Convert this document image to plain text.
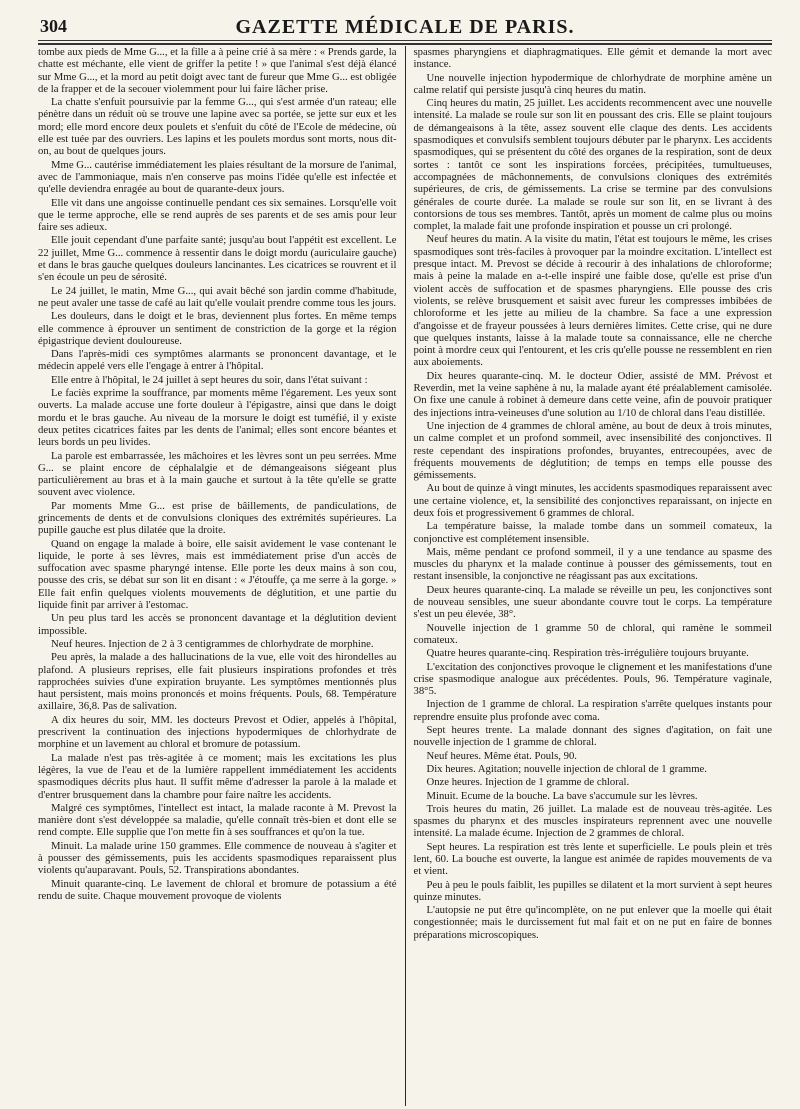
304	GAZETTE MÉDICALE DE PARIS.

tombe aux pieds de Mme G..., et la fille a à peine crié à sa mère : « Prends garde, la chatte est méchante, elle vient de griffer la petite ! » que l'animal s'est déjà élancé sur Mme G..., et la mord au petit doigt avec tant de fureur que Mme G... est obligée de la frapper et de la secouer violemment pour lui faire lâcher prise.

La chatte s'enfuit poursuivie par la femme G..., qui s'est armée d'un rateau; elle pénètre dans un réduit où se trouve une lapine avec sa portée, se jette sur eux et les mord; elle mord encore deux poulets et s'enfuit du côté de l'Ecole de médecine, où elle est tuée par des ouvriers. Les lapins et les poulets mordus sont morts, nous dit-on, au bout de quelques jours.

Mme G... cautérise immédiatement les plaies résultant de la morsure de l'animal, avec de l'ammoniaque, mais n'en conserve pas moins l'idée qu'elle est infectée et qu'elle deviendra enragée au bout de quarante-deux jours.

Elle vit dans une angoisse continuelle pendant ces six semaines. Lorsqu'elle voit que le terme approche, elle se rend auprès de ses parents et de ses amis pour leur faire ses adieux.

Elle jouit cependant d'une parfaite santé; jusqu'au bout l'appétit est excellent. Le 22 juillet, Mme G... commence à ressentir dans le doigt mordu (auriculaire gauche) et dans le bras gauche quelques douleurs lancinantes. Les cicatrices se rouvrent et il s'en écoule un peu de sérosité.

Le 24 juillet, le matin, Mme G..., qui avait bêché son jardin comme d'habitude, ne peut avaler une tasse de café au lait qu'elle voulait prendre comme tous les jours.

Les douleurs, dans le doigt et le bras, deviennent plus fortes. En même temps elle commence à éprouver un sentiment de constriction de la gorge et la région épigastrique devient douloureuse.

Dans l'après-midi ces symptômes alarmants se prononcent davantage, et le médecin appelé vers elle l'engage à entrer à l'hôpital.

Elle entre à l'hôpital, le 24 juillet à sept heures du soir, dans l'état suivant :

Le faciès exprime la souffrance, par moments même l'égarement. Les yeux sont ouverts. La malade accuse une forte douleur à l'épigastre, ainsi que dans le doigt mordu et le bras gauche. Au niveau de la morsure le doigt est tuméfié, il y existe deux petites cicatrices faites par les dents de l'animal; elles sont encore béantes et leurs bords un peu livides.

La parole est embarrassée, les mâchoires et les lèvres sont un peu serrées. Mme G... se plaint encore de céphalalgie et de démangeaisons siégeant plus particulièrement au bras et à la main gauche et surtout à la tête qu'elle se gratte souvent avec violence.

Par moments Mme G... est prise de bâillements, de pandiculations, de grincements de dents et de convulsions cloniques des extrémités supérieures. La pupille gauche est plus dilatée que la droite.

Quand on engage la malade à boire, elle saisit avidement le vase contenant le liquide, le porte à ses lèvres, mais est immédiatement prise d'un accès de suffocation avec spasme pharyngé intense. Elle porte les deux mains à son cou, pousse des cris, se débat sur son lit en disant : « J'étouffe, ça me serre à la gorge. » Elle fait enfin quelques violents mouvements de déglutition, et une partie du liquide finit par arriver à l'estomac.

Un peu plus tard les accès se prononcent davantage et la déglutition devient impossible.

Neuf heures. Injection de 2 à 3 centigrammes de chlorhydrate de morphine.

Peu après, la malade a des hallucinations de la vue, elle voit des hirondelles au plafond. A plusieurs reprises, elle fait plusieurs inspirations profondes et très rapprochées suivies d'une expiration bruyante. Les symptômes mentionnés plus haut persistent, mais moins prononcés et moins fréquents. Pouls, 68. Température axillaire, 36,8. Pas de salivation.

A dix heures du soir, MM. les docteurs Prevost et Odier, appelés à l'hôpital, prescrivent la continuation des injections hypodermiques de chlorhydrate de morphine et un lavement au chloral et bromure de potassium.

La malade n'est pas très-agitée à ce moment; mais les excitations les plus légères, la vue de l'eau et de la lumière rappellent immédiatement les accidents spasmodiques décrits plus haut. Il suffit même d'adresser la parole à la malade et d'entrer brusquement dans la chambre pour faire naître les accidents.

Malgré ces symptômes, l'intellect est intact, la malade raconte à M. Prevost la manière dont s'est développée sa maladie, qu'elle connaît très-bien et dont elle se rend compte. Elle supplie que l'on mette fin à ses souffrances et qu'on la tue.

Minuit. La malade urine 150 grammes. Elle commence de nouveau à s'agiter et à pousser des gémissements, puis les accidents spasmodiques reparaissent plus violents qu'auparavant. Pouls, 52. Transpirations abondantes.

Minuit quarante-cinq. Le lavement de chloral et bromure de potassium a été rendu de suite. Chaque mouvement provoque de violents

spasmes pharyngiens et diaphragmatiques. Elle gémit et demande la mort avec instance.

Une nouvelle injection hypodermique de chlorhydrate de morphine amène un calme relatif qui persiste jusqu'à cinq heures du matin.

Cinq heures du matin, 25 juillet. Les accidents recommencent avec une nouvelle intensité. La malade se roule sur son lit en poussant des cris. Elle se plaint toujours de démangeaisons à la tête, assez souvent elle claque des dents. Les accidents spasmodiques et convulsifs semblent toujours débuter par le pharynx. Les accidents spasmodiques, qui se présentent du côté des organes de la respiration, sont de deux sortes : tantôt ce sont les inspirations forcées, précipitées, tumultueuses, accompagnées de mâchonnements, de convulsions cloniques des extrémités supérieures, de cris, de gémissements. La crise se termine par des convulsions générales de courte durée. La malade se roule sur son lit, en se livrant à des contorsions de tous ses membres. Tantôt, après un moment de calme plus ou moins complet, la malade fait une profonde inspiration et pousse un cri prolongé.

Neuf heures du matin. A la visite du matin, l'état est toujours le même, les crises spasmodiques sont très-faciles à provoquer par la moindre excitation. L'intellect est presque intact. M. Prevost se décide à recourir à des inhalations de chloroforme; mais à peine la malade en a-t-elle inspiré une faible dose, qu'elle est prise d'un violent accès de suffocation et de spasmes pharyngiens. Elle pousse des cris violents, se relève brusquement et saisit avec fureur les compresses imbibées de chloroforme et les jette au milieu de la chambre. Sa face a une expression d'angoisse et de frayeur poussées à leurs dernières limites. Cette crise, qui ne dure que quelques instants, laisse à la malade toute sa connaissance, elle ne cherche point à mordre ceux qui l'entourent, et les cris qu'elle pousse ne ressemblent en rien aux aboiements.

Dix heures quarante-cinq. M. le docteur Odier, assisté de MM. Prévost et Reverdin, met la veine saphène à nu, la malade ayant été préalablement camisolée. On fixe une canule à robinet à demeure dans cette veine, afin de pouvoir pratiquer des injections intra-veineuses d'une solution au 1/10 de chloral dans l'eau distillée.

Une injection de 4 grammes de chloral amène, au bout de deux à trois minutes, un calme complet et un profond sommeil, avec insensibilité des conjonctives. Il reste cependant des inspirations profondes, bruyantes, entrecoupées, avec de fréquents mouvements de déglutition; de temps en temps elle pousse des gémissements.

Au bout de quinze à vingt minutes, les accidents spasmodiques reparaissent avec une certaine violence, et, la sensibilité des conjonctives reparaissant, on injecte en deux fois et progressivement 6 grammes de chloral.

La température baisse, la malade tombe dans un sommeil comateux, la conjonctive est complétement insensible.

Mais, même pendant ce profond sommeil, il y a une tendance au spasme des muscles du pharynx et la malade continue à pousser des gémissements, tout en restant insensible, la conjonctive ne réagissant pas aux excitations.

Deux heures quarante-cinq. La malade se réveille un peu, les conjonctives sont de nouveau sensibles, une sueur abondante couvre tout le corps. La température s'est un peu élevée, 38°.

Nouvelle injection de 1 gramme 50 de chloral, qui ramène le sommeil comateux.

Quatre heures quarante-cinq. Respiration très-irrégulière toujours bruyante.

L'excitation des conjonctives provoque le clignement et les manifestations d'une crise spasmodique analogue aux précédentes. Pouls, 96. Température vaginale, 38°5.

Injection de 1 gramme de chloral. La respiration s'arrête quelques instants pour reprendre ensuite plus profonde avec coma.

Sept heures trente. La malade donnant des signes d'agitation, on fait une nouvelle injection de 1 gramme de chloral.

Neuf heures. Même état. Pouls, 90.

Dix heures. Agitation; nouvelle injection de chloral de 1 gramme.

Onze heures. Injection de 1 gramme de chloral.

Minuit. Ecume de la bouche. La bave s'accumule sur les lèvres.

Trois heures du matin, 26 juillet. La malade est de nouveau très-agitée. Les spasmes du pharynx et des muscles inspirateurs reprennent avec une nouvelle intensité. La malade écume. Injection de 2 grammes de chloral.

Sept heures. La respiration est très lente et superficielle. Le pouls plein et très lent, 60. La bouche est ouverte, la langue est animée de rapides mouvements de va et vient.

Peu à peu le pouls faiblit, les pupilles se dilatent et la mort survient à sept heures quinze minutes.

L'autopsie ne put être qu'incomplète, on ne put enlever que la moelle qui était congestionnée; mais le durcissement fut mal fait et on ne put en faire de bonnes préparations microscopiques.
